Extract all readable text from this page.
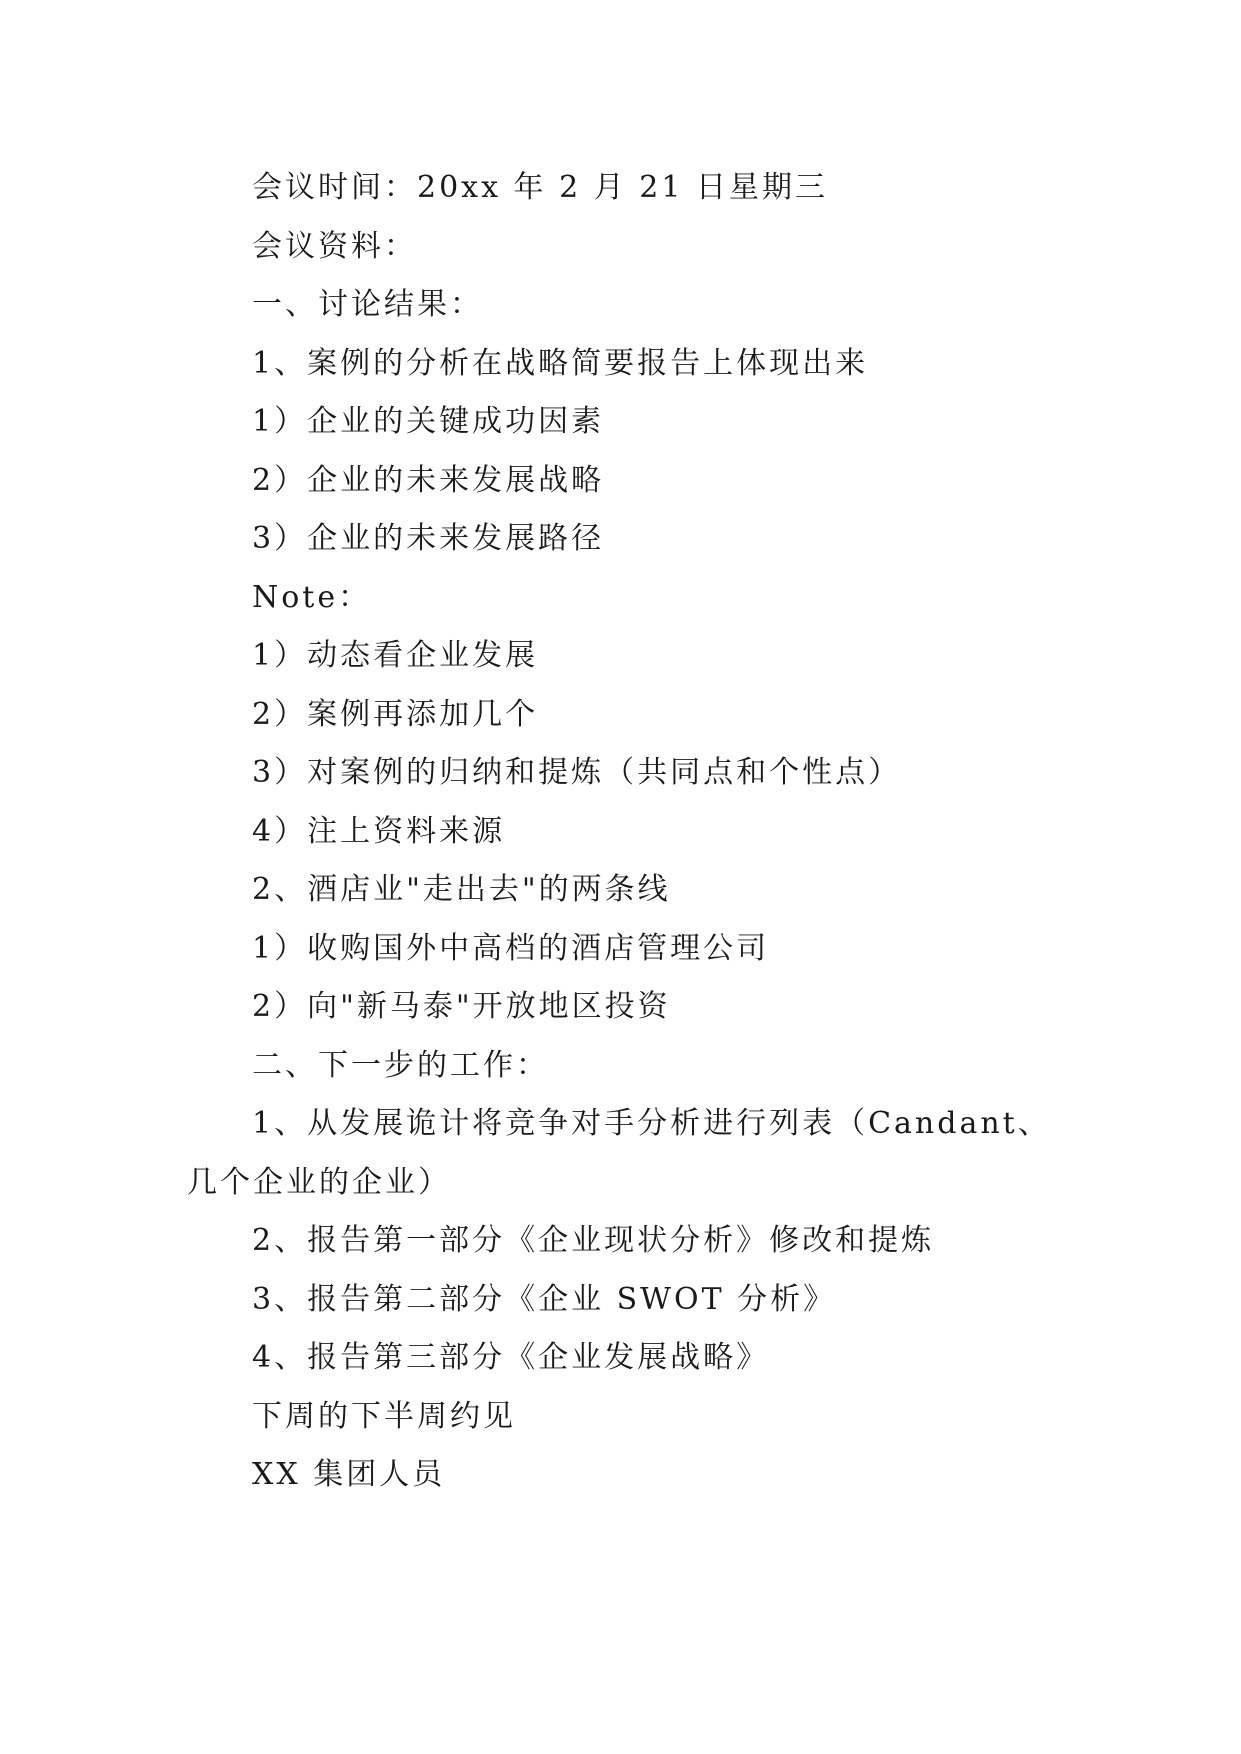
会议时间：20xx 年 2 月 21 日星期三
会议资料：
一、讨论结果：
1、案例的分析在战略简要报告上体现出来
1）企业的关键成功因素
2）企业的未来发展战略
3）企业的未来发展路径
Note：
1）动态看企业发展
2）案例再添加几个
3）对案例的归纳和提炼（共同点和个性点）
4）注上资料来源
2、酒店业"走出去"的两条线
1）收购国外中高档的酒店管理公司
2）向"新马泰"开放地区投资
二、下一步的工作：
1、从发展诡计将竞争对手分析进行列表（Candant、几个企业的企业）
2、报告第一部分《企业现状分析》修改和提炼
3、报告第二部分《企业 SWOT 分析》
4、报告第三部分《企业发展战略》
下周的下半周约见
XX 集团人员
